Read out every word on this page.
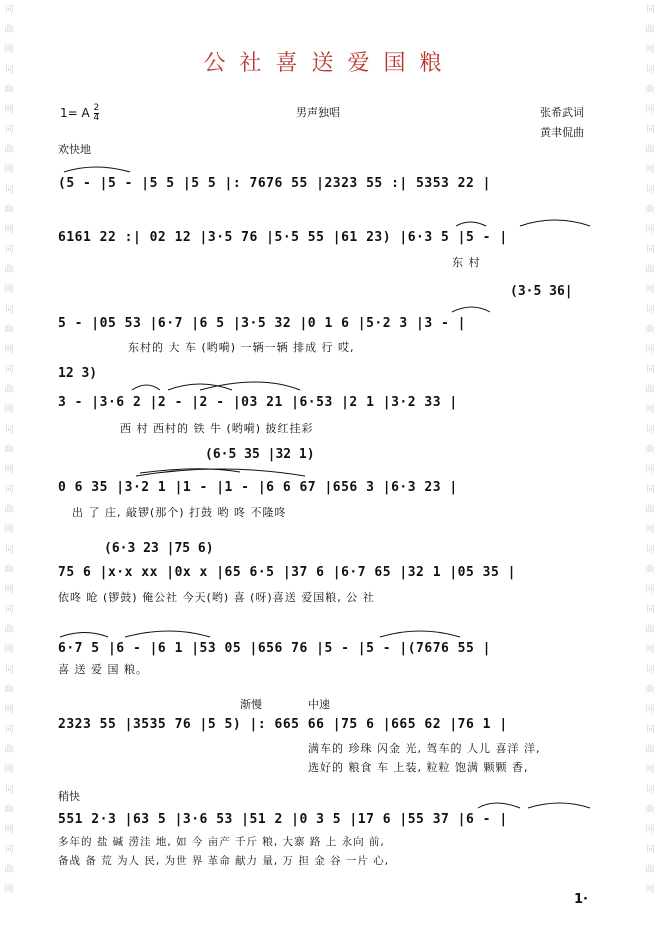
词
曲
网
词
曲
网
词
曲
网
词
曲
网
词
曲
网
词
曲
网
词
曲
网
词
曲
网
词
曲
网
词
曲
网
词
曲
网
词
曲
网
词
曲
网
词
曲
网
词
曲
网
词
曲
网
词
曲
网
词
曲
网
词
曲
网
词
曲
网
词
曲
网
词
曲
网
词
曲
网
词
曲
网
词
曲
网
词
曲
网
词
曲
网
词
曲
网
词
曲
网
词
曲
网
公社喜送爱国粮
1= A $\frac{2}{4}$	男声独唱	张希武词
黄聿侃曲
欢快地
(5 - |5 - |5 5 |5 5 |: 7676 55 |2323 55 :| 5353 22 |
6161 22 :| 02 12 |3·5 76 |5·5 55 |61 23) |6·3 5 |5 - |
东 村
(3·5 36|
5 - |05 53 |6·7 |6 5 |3·5 32 |0 1 6 |5·2 3 |3 - |
东村的 大 车 (哟嗬) 一辆一辆 排成 行 哎,
12 3)
3 - |3·6 2 |2 - |2 - |03 21 |6·53 |2 1 |3·2 33 |
西 村 西村的 铁 牛 (哟嗬) 披红挂彩
(6·5 35 |32 1)
0 6 35 |3·2 1 |1 - |1 - |6 6 67 |656 3 |6·3 23 |
出 了 庄, 敲锣(那个) 打鼓 哟 咚 不隆咚
(6·3 23 |75 6)
75 6 |x·x xx |0x x |65 6·5 |37 6 |6·7 65 |32 1 |05 35 |
依咚 呛 (锣鼓) 俺公社 今天(哟) 喜 (呀)喜送 爱国粮, 公 社
6·7 5 |6 - |6 1 |53 05 |656 76 |5 - |5 - |(7676 55 |
喜 送 爱 国 粮。
渐慢	中速
2323 55 |3535 76 |5 5) |: 665 66 |75 6 |665 62 |76 1 |
满车的 珍珠 闪金 光, 驾车的 人儿 喜洋 洋,
选好的 粮食 车 上装, 粒粒 饱满 颗颗 香,
稍快
551 2·3 |63 5 |3·6 53 |51 2 |0 3 5 |17 6 |55 37 |6 - |
多年的 盐 碱 涝洼 地, 如 今 亩产 千斤 粮, 大寨 路 上 永向 前,
备战 备 荒 为人 民, 为世 界 革命 献力 量, 万 担 金 谷 一片 心,
1·
